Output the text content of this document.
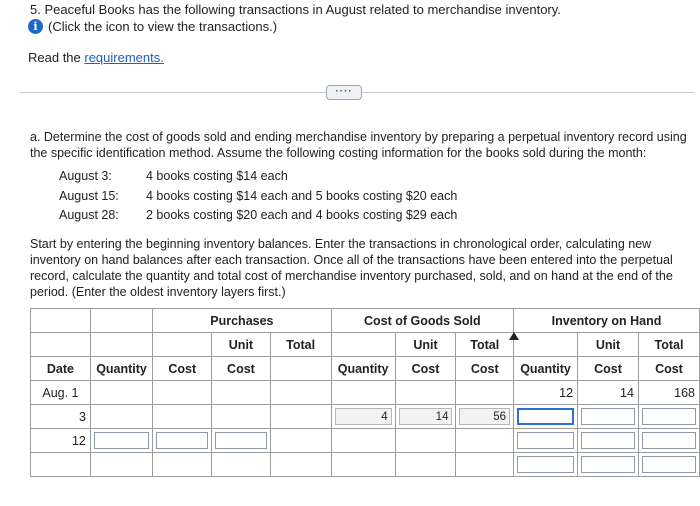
5. Peaceful Books has the following transactions in August related to merchandise inventory.
i (Click the icon to view the transactions.)
Read the requirements.
····
a. Determine the cost of goods sold and ending merchandise inventory by preparing a perpetual inventory record using
the specific identification method. Assume the following costing information for the books sold during the month:
August 3:	4 books costing $14 each
August 15: 4 books costing $14 each and 5 books costing $20 each
August 28: 2 books costing $20 each and 4 books costing $29 each
Start by entering the beginning inventory balances. Enter the transactions in chronological order, calculating new
inventory on hand balances after each transaction. Once all of the transactions have been entered into the perpetual
record, calculate the quantity and total cost of merchandise inventory purchased, sold, and on hand at the end of the
period. (Enter the oldest inventory layers first.)
		Purchases			Cost of Goods Sold			Inventory on Hand		
			Unit	Total		Unit	Total		Unit	Total
Date	Quantity	Cost	Cost		Quantity	Cost	Cost	Quantity	Cost	Cost
Aug. 1								12	14	168
3					4	14	56			

12	
